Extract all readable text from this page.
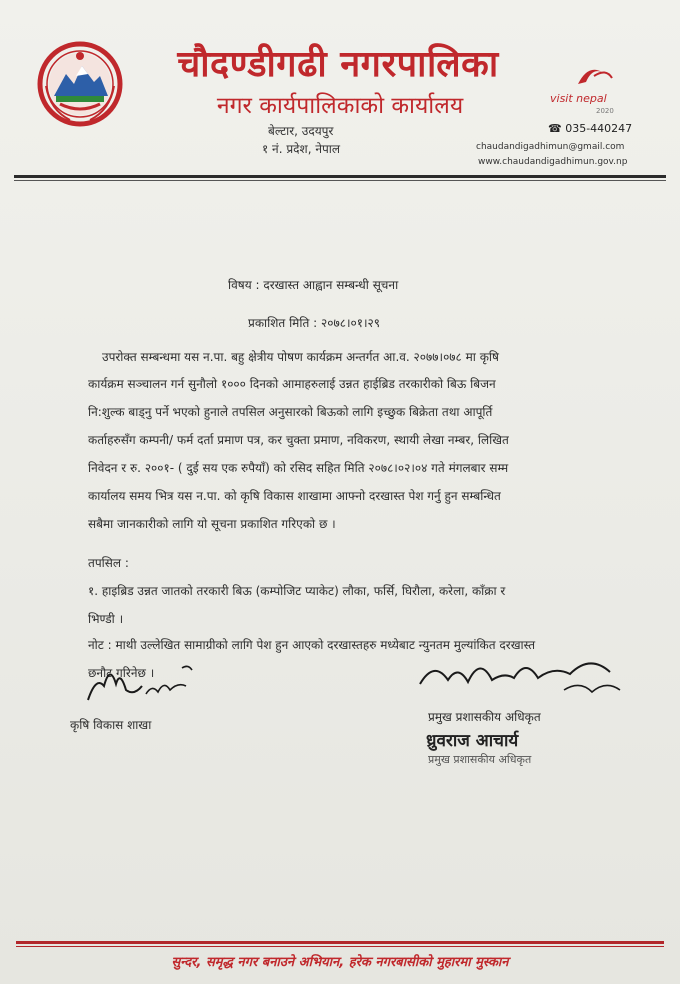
चौदण्डीगढी नगरपालिका
नगर कार्यपालिकाको कार्यालय
बेल्टार, उदयपुर
१ नं. प्रदेश, नेपाल
visit nepal
2020
☎ 035-440247
chaudandigadhimun@gmail.com
www.chaudandigadhimun.gov.np
विषय : दरखास्त आह्वान सम्बन्धी सूचना
प्रकाशित मिति : २०७८।०१।२९
उपरोक्त सम्बन्धमा यस न.पा. बहु क्षेत्रीय पोषण कार्यक्रम अन्तर्गत आ.व. २०७७।०७८ मा कृषि
कार्यक्रम सञ्चालन गर्न सुनौलो १००० दिनको आमाहरुलाई उन्नत हाईब्रिड तरकारीको बिऊ बिजन
नि:शुल्क बाड्नु पर्ने भएको हुनाले तपसिल अनुसारको बिऊको लागि इच्छुक बिक्रेता तथा आपूर्ति
कर्ताहरुसँग कम्पनी/ फर्म दर्ता प्रमाण पत्र, कर चुक्ता प्रमाण, नविकरण, स्थायी लेखा नम्बर, लिखित
निवेदन र रु. २००१- ( दुई सय एक रुपैयाँ) को रसिद सहित मिति २०७८।०२।०४ गते मंगलबार सम्म
कार्यालय समय भित्र यस न.पा. को कृषि विकास शाखामा आफ्नो दरखास्त पेश गर्नु हुन सम्बन्धित
सबैमा जानकारीको लागि यो सूचना प्रकाशित गरिएको छ ।
तपसिल :
१. हाइब्रिड उन्नत जातको तरकारी बिऊ (कम्पोजिट प्याकेट) लौका, फर्सि, घिरौला, करेला, काँक्रा र
भिण्डी ।
नोट : माथी उल्लेखित सामाग्रीको लागि पेश हुन आएको दरखास्तहरु मध्येबाट न्युनतम मुल्यांकित दरखास्त
छनौट गरिनेछ ।
कृषि विकास शाखा
प्रमुख प्रशासकीय अधिकृत
ध्रुवराज आचार्य
प्रमुख प्रशासकीय अधिकृत
सुन्दर, समृद्ध नगर बनाउने अभियान, हरेक नगरबासीको मुहारमा मुस्कान
